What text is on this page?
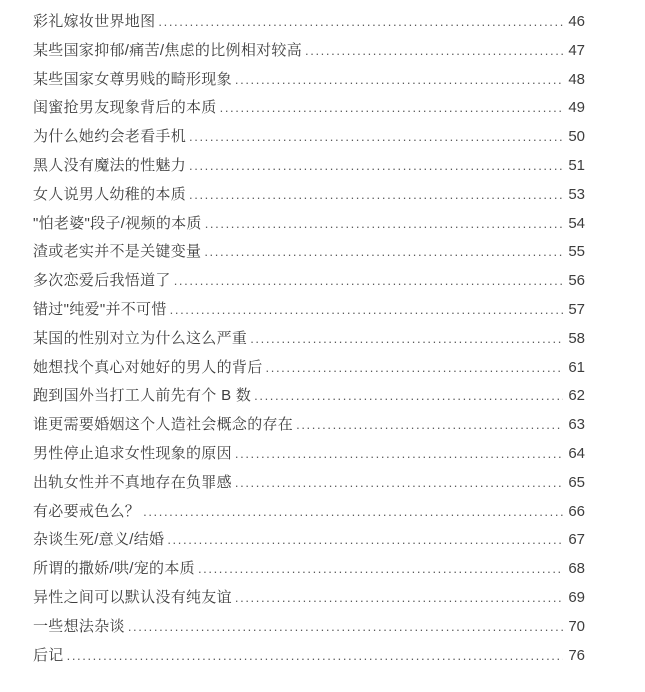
彩礼嫁妆世界地图 .....	46
某些国家抑郁/痛苦/焦虑的比例相对较高 .....	47
某些国家女尊男贱的畸形现象 .....	48
闺蜜抢男友现象背后的本质 .....	49
为什么她约会老看手机 .....	50
黑人没有魔法的性魅力 .....	51
女人说男人幼稚的本质 .....	53
"怕老婆"段子/视频的本质 .....	54
渣或老实并不是关键变量 .....	55
多次恋爱后我悟道了 .....	56
错过"纯爱"并不可惜 .....	57
某国的性别对立为什么这么严重 .....	58
她想找个真心对她好的男人的背后 .....	61
跑到国外当打工人前先有个 B 数 .....	62
谁更需要婚姻这个人造社会概念的存在 .....	63
男性停止追求女性现象的原因 .....	64
出轨女性并不真地存在负罪感 .....	65
有必要戒色么？ .....	66
杂谈生死/意义/结婚 .....	67
所谓的撒娇/哄/宠的本质 .....	68
异性之间可以默认没有纯友谊 .....	69
一些想法杂谈 .....	70
后记 .....	76
